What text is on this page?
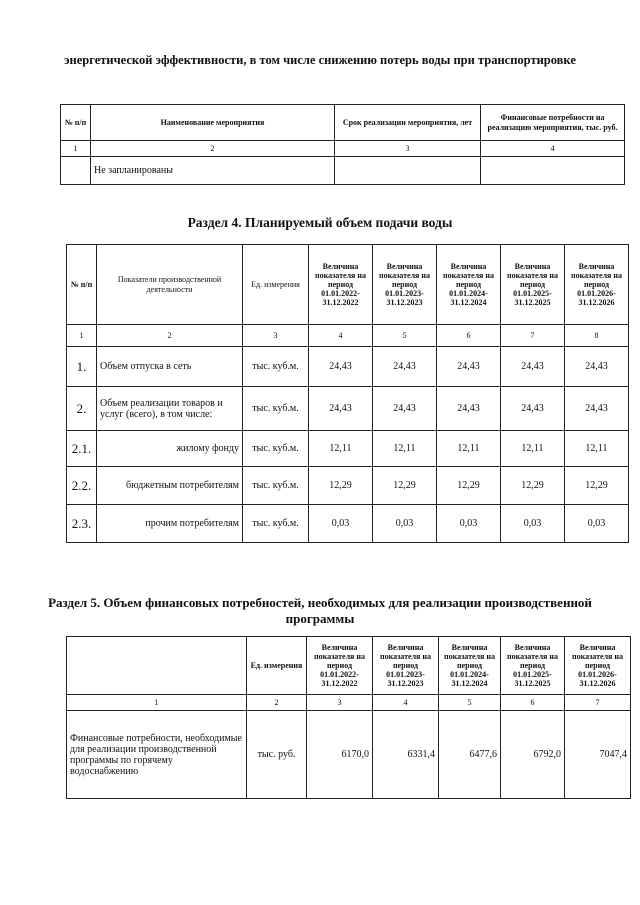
энергетической эффективности, в том числе снижению потерь воды при транспортировке
№ п/п	Наименование мероприятия	Срок реализации мероприятия, лет	Финансовые потребности на реализацию мероприятия, тыс. руб.
1	2	3	4
	Не запланированы		
Раздел 4. Планируемый объем подачи воды
№ п/п	Показатели производственной деятельности	Ед. измерения	Величина показателя на период 01.01.2022-31.12.2022	Величина показателя на период 01.01.2023-31.12.2023	Величина показателя на период 01.01.2024-31.12.2024	Величина показателя на период 01.01.2025-31.12.2025	Величина показателя на период 01.01.2026-31.12.2026
1	2	3	4	5	6	7	8
1.	Объем отпуска в сеть	тыс. куб.м.	24,43	24,43	24,43	24,43	24,43
2.	Объем реализации товаров и услуг (всего), в том числе:	тыс. куб.м.	24,43	24,43	24,43	24,43	24,43
2.1.	жилому фонду	тыс. куб.м.	12,11	12,11	12,11	12,11	12,11
2.2.	бюджетным потребителям	тыс. куб.м.	12,29	12,29	12,29	12,29	12,29
2.3.	прочим потребителям	тыс. куб.м.	0,03	0,03	0,03	0,03	0,03
Раздел 5. Объем финансовых потребностей, необходимых для реализации производственной
программы
	Ед. измерения	Величина показателя на период 01.01.2022-31.12.2022	Величина показателя на период 01.01.2023-31.12.2023	Величина показателя на период 01.01.2024-31.12.2024	Величина показателя на период 01.01.2025-31.12.2025	Величина показателя на период 01.01.2026-31.12.2026
1	2	3	4	5	6	7
Финансовые потребности, необходимые для реализации производственной программы по горячему водоснабжению	тыс. руб.	6170,0	6331,4	6477,6	6792,0	7047,4
